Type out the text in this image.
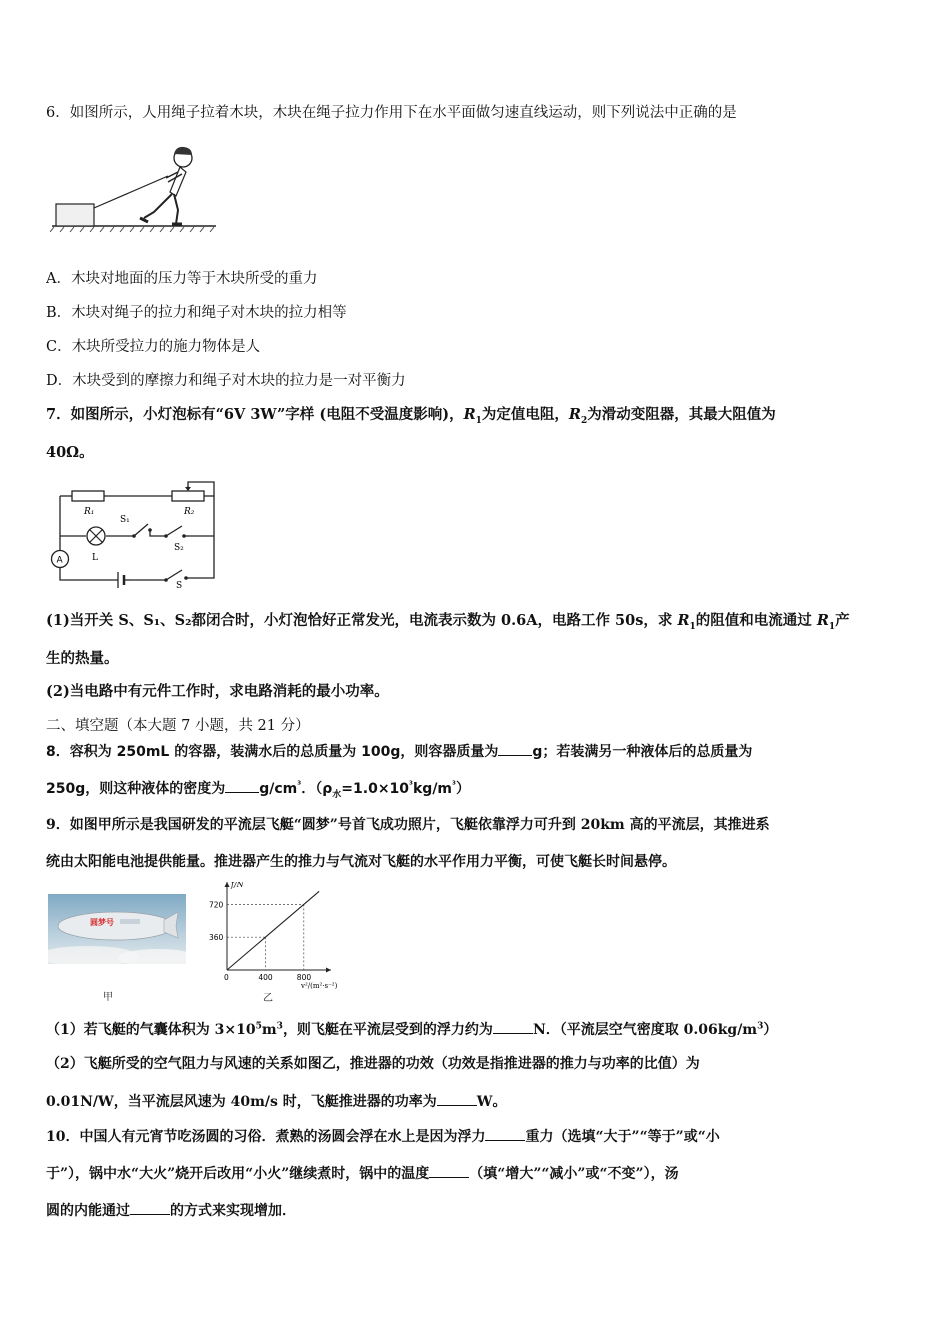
6．如图所示，人用绳子拉着木块，木块在绳子拉力作用下在水平面做匀速直线运动，则下列说法中正确的是
A．木块对地面的压力等于木块所受的重力
B．木块对绳子的拉力和绳子对木块的拉力相等
C．木块所受拉力的施力物体是人
D．木块受到的摩擦力和绳子对木块的拉力是一对平衡力
7．如图所示，小灯泡标有“6V 3W”字样 (电阻不受温度影响)，$R_1$为定值电阻，$R_2$为滑动变阻器，其最大阻值为
40Ω。
R₁	R₂
S₁
S₂
L
A
S
(1)当开关 S、S₁、S₂都闭合时，小灯泡恰好正常发光，电流表示数为 0.6A，电路工作 50s，求 $R_1$的阻值和电流通过 $R_1$产
生的热量。
(2)当电路中有元件工作时，求电路消耗的最小功率。
二、填空题（本大题 7 小题，共 21 分）
8．容积为 250mL 的容器，装满水后的总质量为 100g，则容器质量为 g；若装满另一种液体后的总质量为
250g，则这种液体的密度为 $g/cm^{^3}$．$(\rho_水=1.0\times 10^{^3}kg/m^{^3})$
9．如图甲所示是我国研发的平流层飞艇“圆梦”号首飞成功照片，飞艇依靠浮力可升到 20km 高的平流层，其推进系
统由太阳能电池提供能量。推进器产生的推力与气流对飞艇的水平作用力平衡，可使飞艇长时间悬停。
圆梦号
甲
f/N
v²/(m²·s⁻²)
0	400	800
360
720
乙
（1）若飞艇的气囊体积为 $3\times 10^5m^3$，则飞艇在平流层受到的浮力约为	N．（平流层空气密度取 $0.06kg/m^3$）
（2）飞艇所受的空气阻力与风速的关系如图乙，推进器的功效（功效是指推进器的推力与功率的比值）为
0.01N/W，当平流层风速为 40m/s 时，飞艇推进器的功率为	W。
10．中国人有元宵节吃汤圆的习俗．煮熟的汤圆会浮在水上是因为浮力	重力（选填“大于”“等于”或“小
于”），锅中水“大火”烧开后改用“小火”继续煮时，锅中的温度	（填“增大”“减小”或“不变”），汤
圆的内能通过	的方式来实现增加．
